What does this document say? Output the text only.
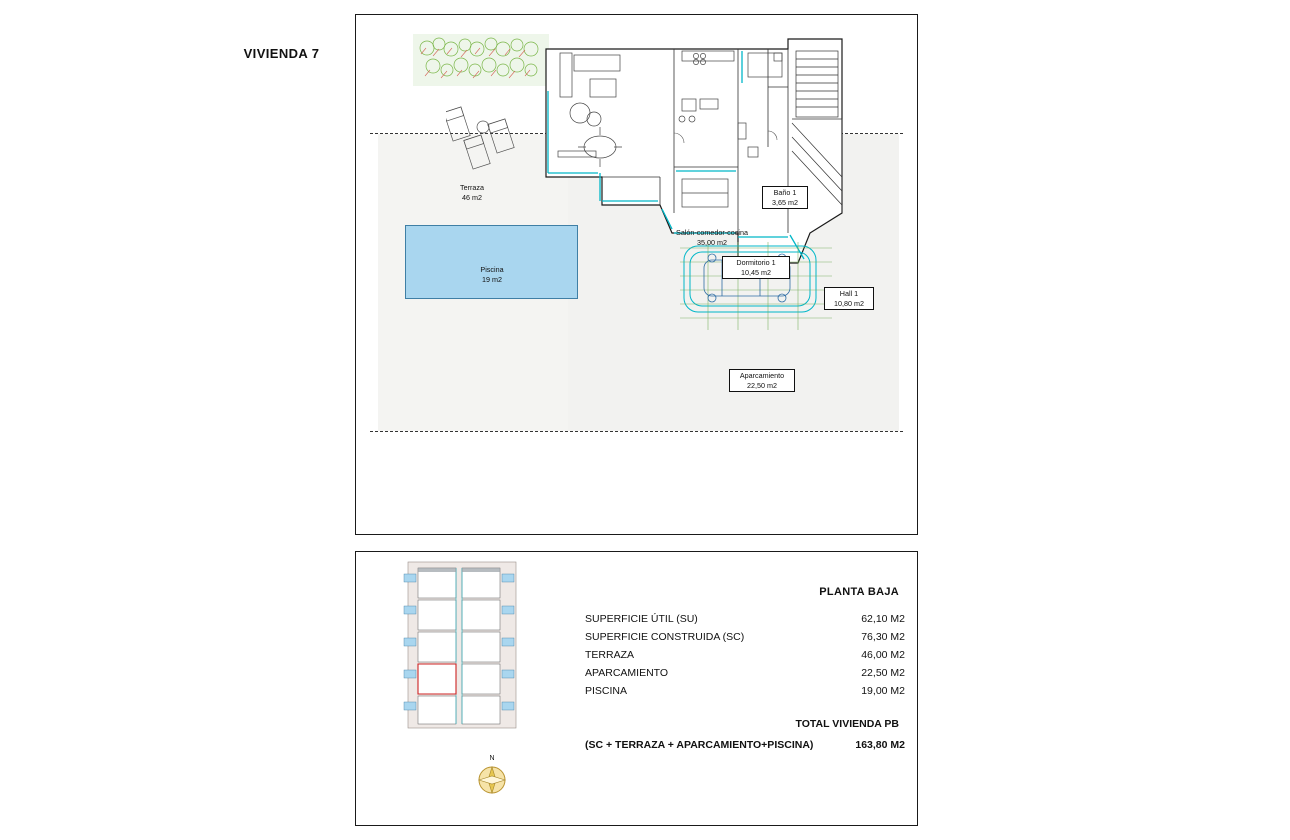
VIVIENDA 7
Terraza
46 m2
Piscina
19 m2
Salón-comedor-cocina
35,00 m2
Baño 1
3,65 m2
Dormitorio 1
10,45 m2
Hall 1
10,80 m2
Aparcamiento
22,50 m2
N
PLANTA BAJA
SUPERFICIE ÚTIL (SU)	62,10 M2
SUPERFICIE CONSTRUIDA (SC)	76,30 M2
TERRAZA	46,00 M2
APARCAMIENTO	22,50 M2
PISCINA	19,00 M2
TOTAL VIVIENDA PB
(SC + TERRAZA + APARCAMIENTO+PISCINA)	163,80 M2
